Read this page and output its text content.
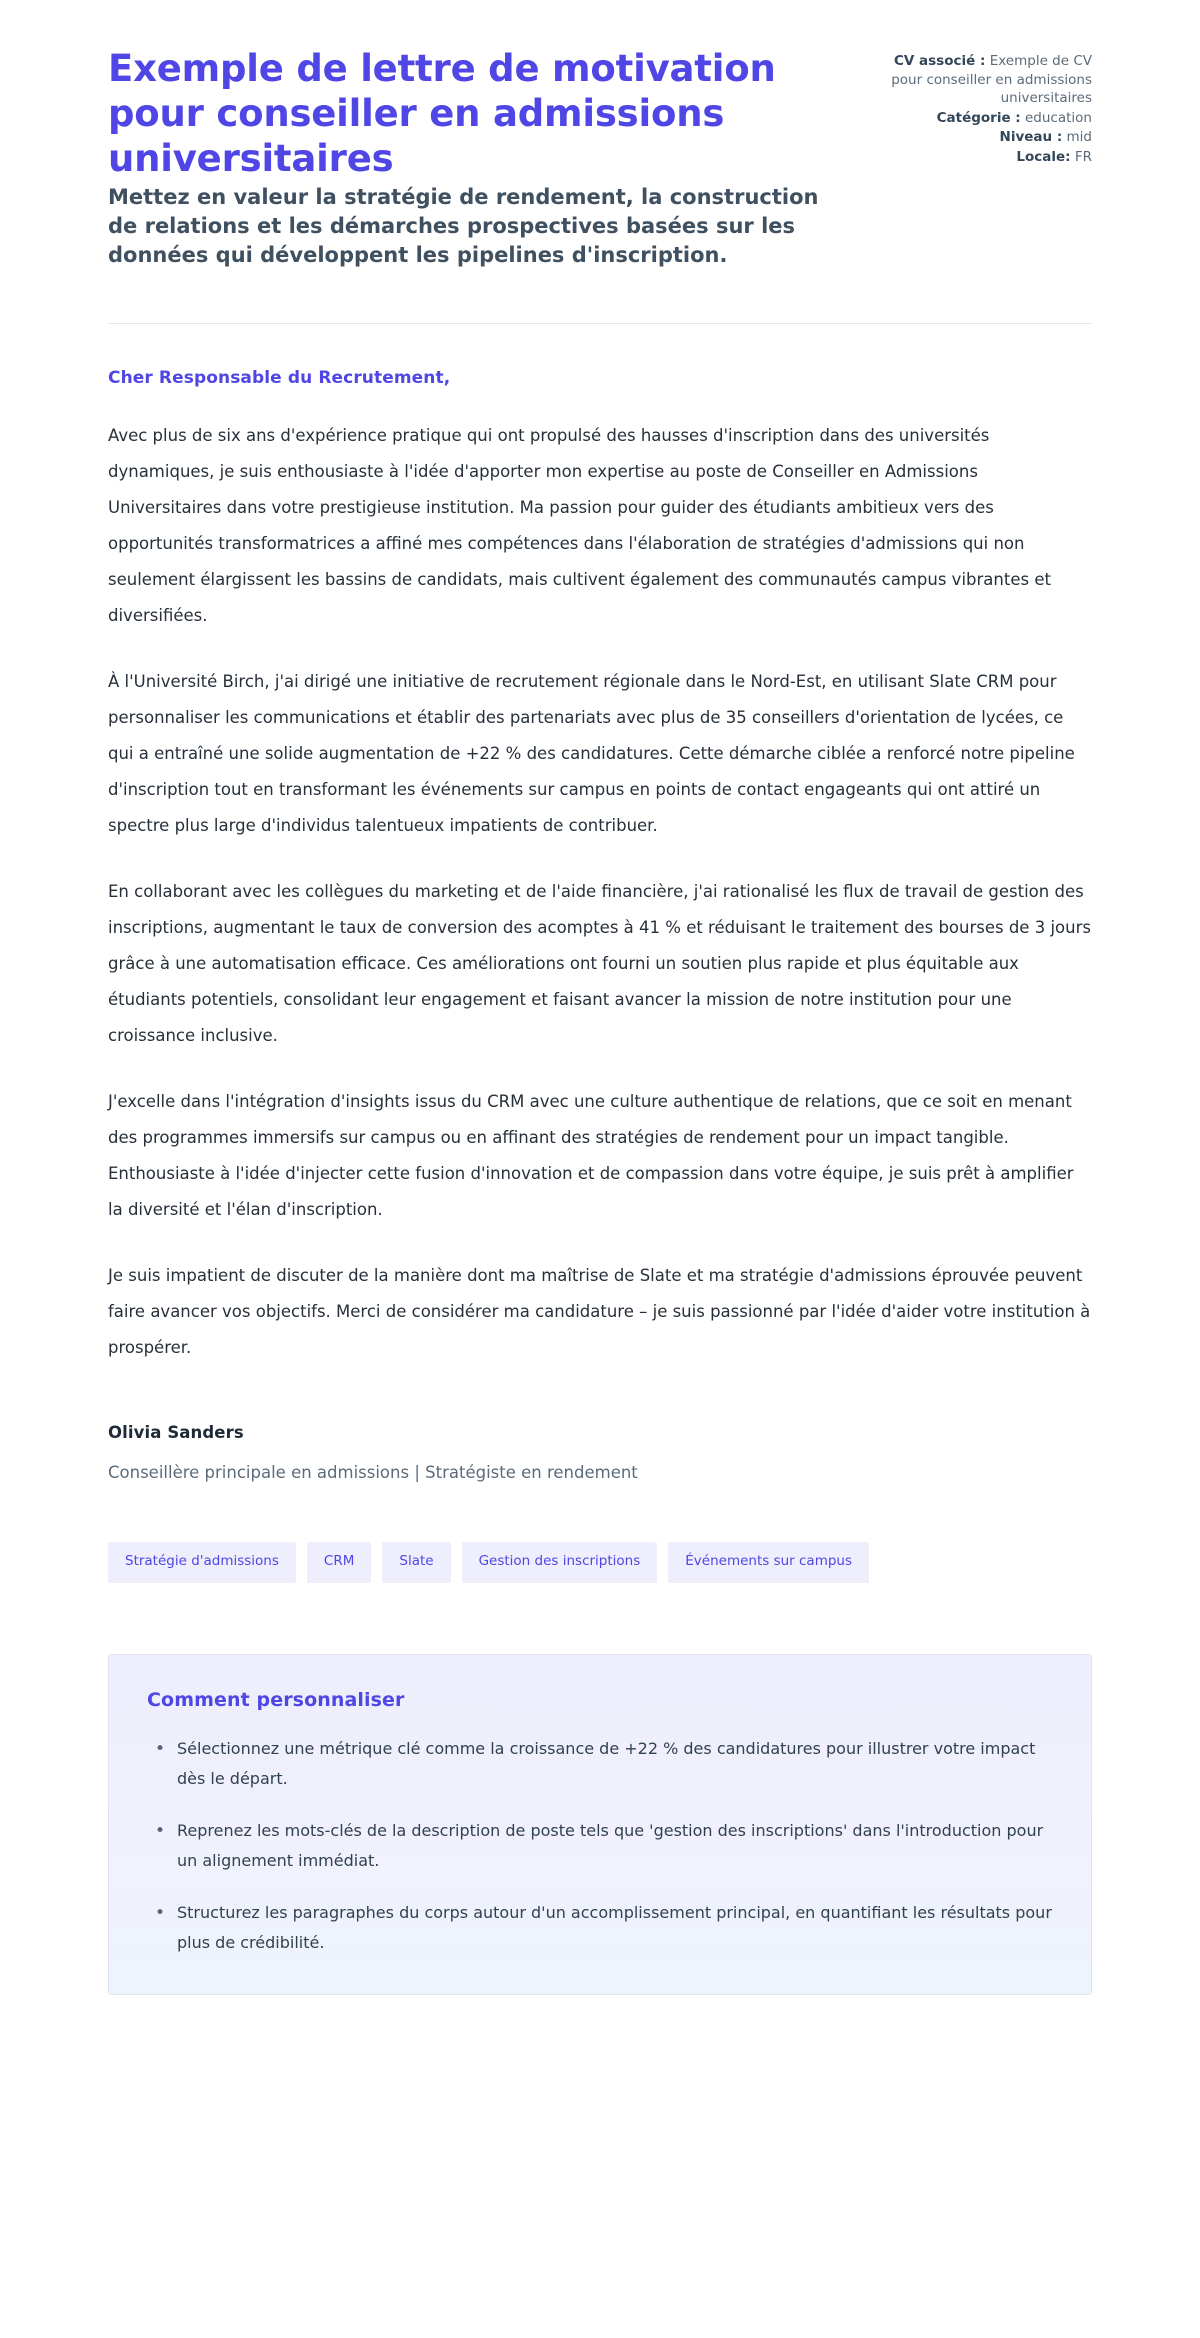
Exemple de lettre de motivation pour conseiller en admissions universitaires

Mettez en valeur la stratégie de rendement, la construction de relations et les démarches prospectives basées sur les données qui développent les pipelines d'inscription.

CV associé : Exemple de CV pour conseiller en admissions universitaires

Catégorie : education

Niveau : mid

Locale: FR

Cher Responsable du Recrutement,

Avec plus de six ans d'expérience pratique qui ont propulsé des hausses d'inscription dans des universités dynamiques, je suis enthousiaste à l'idée d'apporter mon expertise au poste de Conseiller en Admissions Universitaires dans votre prestigieuse institution. Ma passion pour guider des étudiants ambitieux vers des opportunités transformatrices a affiné mes compétences dans l'élaboration de stratégies d'admissions qui non seulement élargissent les bassins de candidats, mais cultivent également des communautés campus vibrantes et diversifiées.

À l'Université Birch, j'ai dirigé une initiative de recrutement régionale dans le Nord-Est, en utilisant Slate CRM pour personnaliser les communications et établir des partenariats avec plus de 35 conseillers d'orientation de lycées, ce qui a entraîné une solide augmentation de +22 % des candidatures. Cette démarche ciblée a renforcé notre pipeline d'inscription tout en transformant les événements sur campus en points de contact engageants qui ont attiré un spectre plus large d'individus talentueux impatients de contribuer.

En collaborant avec les collègues du marketing et de l'aide financière, j'ai rationalisé les flux de travail de gestion des inscriptions, augmentant le taux de conversion des acomptes à 41 % et réduisant le traitement des bourses de 3 jours grâce à une automatisation efficace. Ces améliorations ont fourni un soutien plus rapide et plus équitable aux étudiants potentiels, consolidant leur engagement et faisant avancer la mission de notre institution pour une croissance inclusive.

J'excelle dans l'intégration d'insights issus du CRM avec une culture authentique de relations, que ce soit en menant des programmes immersifs sur campus ou en affinant des stratégies de rendement pour un impact tangible. Enthousiaste à l'idée d'injecter cette fusion d'innovation et de compassion dans votre équipe, je suis prêt à amplifier la diversité et l'élan d'inscription.

Je suis impatient de discuter de la manière dont ma maîtrise de Slate et ma stratégie d'admissions éprouvée peuvent faire avancer vos objectifs. Merci de considérer ma candidature – je suis passionné par l'idée d'aider votre institution à prospérer.

Olivia Sanders

Conseillère principale en admissions | Stratégiste en rendement

Stratégie d'admissions	CRM	Slate	Gestion des inscriptions	Événements sur campus

Comment personnaliser

• Sélectionnez une métrique clé comme la croissance de +22 % des candidatures pour illustrer votre impact dès le départ.
• Reprenez les mots-clés de la description de poste tels que 'gestion des inscriptions' dans l'introduction pour un alignement immédiat.
• Structurez les paragraphes du corps autour d'un accomplissement principal, en quantifiant les résultats pour plus de crédibilité.
